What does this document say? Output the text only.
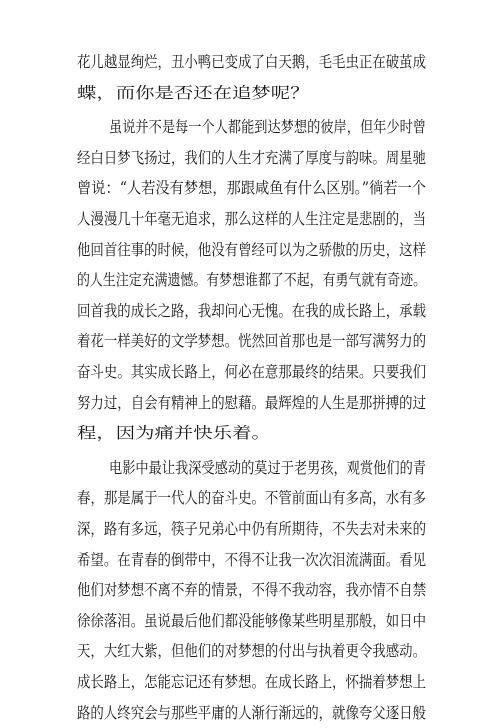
花儿越显绚烂，丑小鸭已变成了白天鹅，毛毛虫正在破茧成
蝶，而你是否还在追梦呢？
虽说并不是每一个人都能到达梦想的彼岸，但年少时曾
经白日梦飞扬过，我们的人生才充满了厚度与韵味。周星驰
曾说：“人若没有梦想，那跟咸鱼有什么区别。”徜若一个
人漫漫几十年毫无追求，那么这样的人生注定是悲剧的，当
他回首往事的时候，他没有曾经可以为之骄傲的历史，这样
的人生注定充满遗憾。有梦想谁都了不起，有勇气就有奇迹。
回首我的成长之路，我却问心无愧。在我的成长路上，承载
着花一样美好的文学梦想。恍然回首那也是一部写满努力的
奋斗史。其实成长路上，何必在意那最终的结果。只要我们
努力过，自会有精神上的慰藉。最辉煌的人生是那拼搏的过
程，因为痛并快乐着。
电影中最让我深受感动的莫过于老男孩，观赏他们的青
春，那是属于一代人的奋斗史。不管前面山有多高，水有多
深，路有多远，筷子兄弟心中仍有所期待，不失去对未来的
希望。在青春的倒带中，不得不让我一次次泪流满面。看见
他们对梦想不离不弃的情景，不得不我动容，我亦情不自禁
徐徐落泪。虽说最后他们都没能够像某些明星那般，如日中
天，大红大紫，但他们的对梦想的付出与执着更令我感动。
成长路上，怎能忘记还有梦想。在成长路上，怀揣着梦想上
路的人终究会与那些平庸的人渐行渐远的，就像夸父逐日般
